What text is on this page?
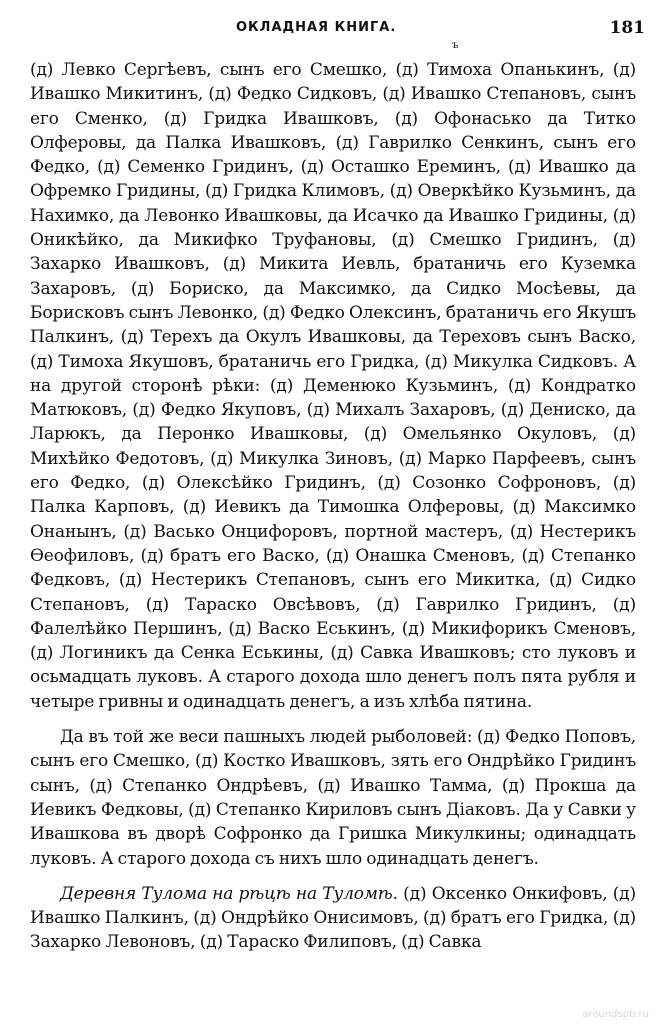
ОКЛАДНАЯ КНИГА.	181
ъ

(д) Левко Сергѣевъ, сынъ его Смешко, (д) Тимоха Опанькинъ, (д) Ивашко Микитинъ, (д) Федко Сидковъ, (д) Ивашко Степановъ, сынъ его Сменко, (д) Гридка Ивашковъ, (д) Офонасько да Титко Олферовы, да Палка Ивашковъ, (д) Гаврилко Сенкинъ, сынъ его Федко, (д) Семенко Гридинъ, (д) Осташко Ереминъ, (д) Ивашко да Офремко Гридины, (д) Гридка Климовъ, (д) Оверкѣйко Кузьминъ, да Нахимко, да Левонко Ивашковы, да Исачко да Ивашко Гридины, (д) Оникѣйко, да Микифко Труфановы, (д) Смешко Гридинъ, (д) Захарко Ивашковъ, (д) Микита Иевль, братаничь его Куземка Захаровъ, (д) Бориско, да Максимко, да Сидко Мосѣевы, да Борисковъ сынъ Левонко, (д) Федко Олексинъ, братаничь его Якушъ Палкинъ, (д) Терехъ да Окулъ Ивашковы, да Тереховъ сынъ Васко, (д) Тимоха Якушовъ, братаничь его Гридка, (д) Микулка Сидковъ. А на другой сторонѣ рѣки: (д) Деменюко Кузьминъ, (д) Кондратко Матюковъ, (д) Федко Якуповъ, (д) Михалъ Захаровъ, (д) Дениско, да Ларюкъ, да Перонко Ивашковы, (д) Омельянко Окуловъ, (д) Михѣйко Федотовъ, (д) Микулка Зиновъ, (д) Марко Парфеевъ, сынъ его Федко, (д) Олексѣйко Гридинъ, (д) Созонко Софроновъ, (д) Палка Карповъ, (д) Иевикъ да Тимошка Олферовы, (д) Максимко Онанынъ, (д) Васько Онцифоровъ, портной мастеръ, (д) Нестерикъ Ѳеофиловъ, (д) братъ его Васко, (д) Онашка Сменовъ, (д) Степанко Федковъ, (д) Нестерикъ Степановъ, сынъ его Микитка, (д) Сидко Степановъ, (д) Тараско Овсѣвовъ, (д) Гаврилко Гридинъ, (д) Фалелѣйко Першинъ, (д) Васко Еськинъ, (д) Микифорикъ Сменовъ, (д) Логиникъ да Сенка Еськины, (д) Савка Ивашковъ; сто луковъ и осьмадцать луковъ. А старого дохода шло денегъ полъ пята рубля и четыре гривны и одинадцать денегъ, а изъ хлѣба пятина.

Да въ той же веси пашныхъ людей рыболовей: (д) Федко Поповъ, сынъ его Смешко, (д) Костко Ивашковъ, зять его Ондрѣйко Гридинъ сынъ, (д) Степанко Ондрѣевъ, (д) Ивашко Тамма, (д) Прокша да Иевикъ Федковы, (д) Степанко Кириловъ сынъ Дiаковъ. Да у Савки у Ивашкова въ дворѣ Софронко да Гришка Микулкины; одинадцать луковъ. А старого дохода съ нихъ шло одинадцать денегъ.

Деревня Тулома на рѣцѣ на Туломѣ. (д) Оксенко Онкифовъ, (д) Ивашко Палкинъ, (д) Ондрѣйко Онисимовъ, (д) братъ его Гридка, (д) Захарко Левоновъ, (д) Тараско Филиповъ, (д) Савка

aroundspb.ru
